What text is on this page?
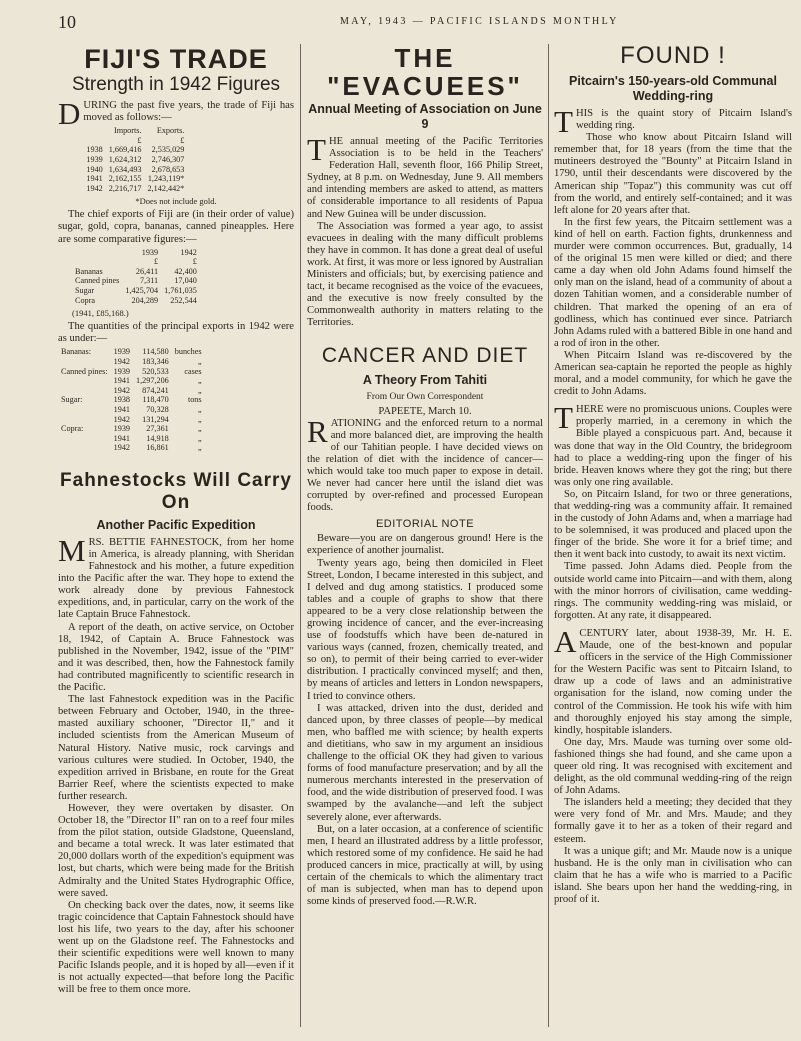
10	MAY, 1943 — PACIFIC ISLANDS MONTHLY
FIJI'S TRADE
Strength in 1942 Figures

DURING the past five years, the trade of Fiji has moved as follows:—

	Imports.	Exports.
	£	£
1938	1,669,416	2,535,029
1939	1,624,312	2,746,307
1940	1,634,493	2,678,653
1941	2,162,155	1,243,119*
1942	2,216,717	2,142,442*
*Does not include gold.

The chief exports of Fiji are (in their order of value) sugar, gold, copra, bananas, canned pineapples. Here are some comparative figures:—

	1939	1942
	£	£
Bananas	26,411	42,400
Canned pines	7,311	17,040
Sugar	1,425,704	1,761,035
Copra	204,289	252,544
(1941, £85,168.)

The quantities of the principal exports in 1942 were as under:—

Bananas:	1939	114,580	bunches
	1942	183,346	„
Canned pines:	1939	520,533	cases
	1941	1,297,206	„
	1942	874,241	„
Sugar:	1938	118,470	tons
	1941	70,328	„
	1942	131,294	„
Copra:	1939	27,361	„
	1941	14,918	„
	1942	16,861	„
Fahnestocks Will Carry On
Another Pacific Expedition

MRS. BETTIE FAHNESTOCK, from her home in America, is already planning, with Sheridan Fahnestock and his mother, a future expedition into the Pacific after the war. They hope to extend the work already done by previous Fahnestock expeditions, and, in particular, carry on the work of the late Captain Bruce Fahnestock.

A report of the death, on active service, on October 18, 1942, of Captain A. Bruce Fahnestock was published in the November, 1942, issue of the "PIM" and it was described, then, how the Fahnestock family had contributed magnificently to scientific research in the Pacific.

The last Fahnestock expedition was in the Pacific between February and October, 1940, in the three-masted auxiliary schooner, "Director II," and it included scientists from the American Museum of Natural History. Native music, rock carvings and various cultures were studied. In October, 1940, the expedition arrived in Brisbane, en route for the Great Barrier Reef, where the scientists expected to make further research.

However, they were overtaken by disaster. On October 18, the "Director II" ran on to a reef four miles from the pilot station, outside Gladstone, Queensland, and became a total wreck. It was later estimated that 20,000 dollars worth of the expedition's equipment was lost, but charts, which were being made for the British Admiralty and the United States Hydrographic Office, were saved.

On checking back over the dates, now, it seems like tragic coincidence that Captain Fahnestock should have lost his life, two years to the day, after his schooner went up on the Gladstone reef. The Fahnestocks and their scientific expeditions were well known to many Pacific Islands people, and it is hoped by all—even if it is not actually expected—that before long the Pacific will be free to them once more.

THE "EVACUEES"
Annual Meeting of Association on June 9

THE annual meeting of the Pacific Territories Association is to be held in the Teachers' Federation Hall, seventh floor, 166 Philip Street, Sydney, at 8 p.m. on Wednesday, June 9. All members and intending members are asked to attend, as matters of considerable importance to all residents of Papua and New Guinea will be under discussion.

The Association was formed a year ago, to assist evacuees in dealing with the many difficult problems they have in common. It has done a great deal of useful work. At first, it was more or less ignored by Australian Ministers and officials; but, by exercising patience and tact, it became recognised as the voice of the evacuees, and the executive is now freely consulted by the Commonwealth authority in matters relating to the Territories.

CANCER AND DIET
A Theory From Tahiti
From Our Own Correspondent

PAPEETE, March 10.

RATIONING and the enforced return to a normal and more balanced diet, are improving the health of our Tahitian people. I have decided views on the relation of diet with the incidence of cancer—which would take too much paper to expose in detail. We never had cancer here until the island diet was corrupted by over-refined and processed European foods.

EDITORIAL NOTE

Beware—you are on dangerous ground! Here is the experience of another journalist.

Twenty years ago, being then domiciled in Fleet Street, London, I became interested in this subject, and I delved and dug among statistics. I produced some tables and a couple of graphs to show that there appeared to be a very close relationship between the growing incidence of cancer, and the ever-increasing use of foodstuffs which have been de-natured in various ways (canned, frozen, chemically treated, and so on), to permit of their being carried to ever-wider distribution. I practically convinced myself; and then, by means of articles and letters in London newspapers, I tried to convince others.

I was attacked, driven into the dust, derided and danced upon, by three classes of people—by medical men, who baffled me with science; by health experts and dietitians, who saw in my argument an insidious challenge to the official OK they had given to various forms of food manufacture preservation; and by all the numerous merchants interested in the preservation of food, and the wide distribution of preserved food. I was swamped by the avalanche—and left the subject severely alone, ever afterwards.

But, on a later occasion, at a conference of scientific men, I heard an illustrated address by a little professor, which restored some of my confidence. He said he had produced cancers in mice, practically at will, by using certain of the chemicals to which the alimentary tract of man is subjected, when man has to depend upon some kinds of preserved food.—R.W.R.

FOUND !
Pitcairn's 150-years-old Communal Wedding-ring

THIS is the quaint story of Pitcairn Island's wedding ring.

Those who know about Pitcairn Island will remember that, for 18 years (from the time that the mutineers destroyed the "Bounty" at Pitcairn Island in 1790, until their descendants were discovered by the American ship "Topaz") this community was cut off from the world, and entirely self-contained; and it was left alone for 20 years after that.

In the first few years, the Pitcairn settlement was a kind of hell on earth. Faction fights, drunkenness and murder were common occurrences. But, gradually, 14 of the original 15 men were killed or died; and there came a day when old John Adams found himself the only man on the island, head of a community of about a dozen Tahitian women, and a considerable number of children. That marked the opening of an era of godliness, which has continued ever since. Patriarch John Adams ruled with a battered Bible in one hand and a rod of iron in the other.

When Pitcairn Island was re-discovered by the American sea-captain he reported the people as highly moral, and a model community, for which he gave the credit to John Adams.

THERE were no promiscuous unions. Couples were properly married, in a ceremony in which the Bible played a conspicuous part. And, because it was done that way in the Old Country, the bridegroom had to place a wedding-ring upon the finger of his bride. Heaven knows where they got the ring; but there was only one ring available.

So, on Pitcairn Island, for two or three generations, that wedding-ring was a community affair. It remained in the custody of John Adams and, when a marriage had to be solemnised, it was produced and placed upon the finger of the bride. She wore it for a brief time; and then it went back into custody, to await its next victim.

Time passed. John Adams died. People from the outside world came into Pitcairn—and with them, along with the minor horrors of civilisation, came wedding-rings. The community wedding-ring was mislaid, or forgotten. At any rate, it disappeared.

ACENTURY later, about 1938-39, Mr. H. E. Maude, one of the best-known and popular officers in the service of the High Commissioner for the Western Pacific was sent to Pitcairn Island, to draw up a code of laws and an administrative organisation for the island, now coming under the control of the Commission. He took his wife with him and thoroughly enjoyed his stay among the simple, kindly, hospitable islanders.

One day, Mrs. Maude was turning over some old-fashioned things she had found, and she came upon a queer old ring. It was recognised with excitement and delight, as the old communal wedding-ring of the reign of John Adams.

The islanders held a meeting; they decided that they were very fond of Mr. and Mrs. Maude; and they formally gave it to her as a token of their regard and esteem.

It was a unique gift; and Mr. Maude now is a unique husband. He is the only man in civilisation who can claim that he has a wife who is married to a Pacific island. She bears upon her hand the wedding-ring, in proof of it.
